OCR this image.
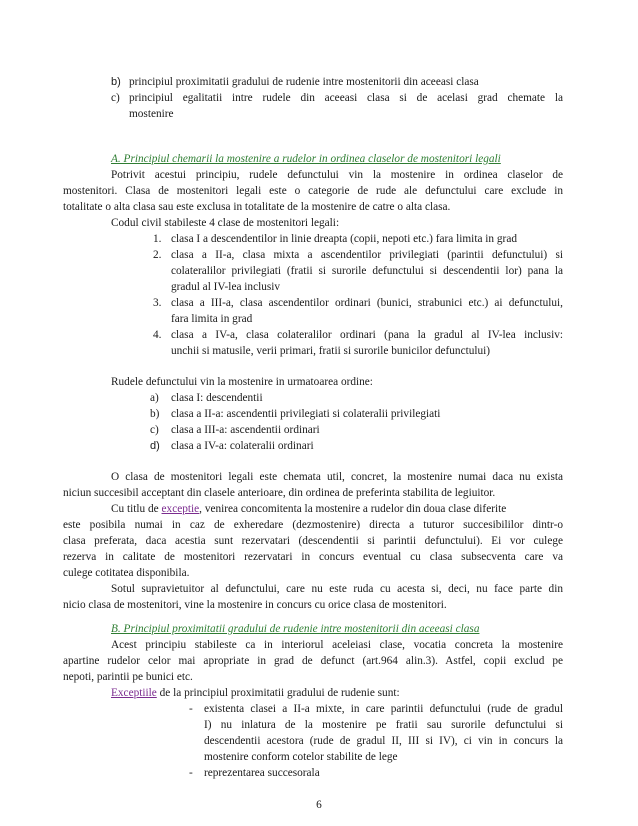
b) principiul proximitatii gradului de rudenie intre mostenitorii din aceeasi clasa
c) principiul egalitatii intre rudele din aceeasi clasa si de acelasi grad chemate la
mostenire
A. Principiul chemarii la mostenire a rudelor in ordinea claselor de mostenitori legali
Potrivit acestui principiu, rudele defunctului vin la mostenire in ordinea claselor de
mostenitori. Clasa de mostenitori legali este o categorie de rude ale defunctului care exclude in
totalitate o alta clasa sau este exclusa in totalitate de la mostenire de catre o alta clasa.
Codul civil stabileste 4 clase de mostenitori legali:
1. clasa I a descendentilor in linie dreapta (copii, nepoti etc.) fara limita in grad
2. clasa a II-a, clasa mixta a ascendentilor privilegiati (parintii defunctului) si
colateralilor privilegiati (fratii si surorile defunctului si descendentii lor) pana la
gradul al IV-lea inclusiv
3. clasa a III-a, clasa ascendentilor ordinari (bunici, strabunici etc.) ai defunctului,
fara limita in grad
4. clasa a IV-a, clasa colateralilor ordinari (pana la gradul al IV-lea inclusiv:
unchii si matusile, verii primari, fratii si surorile bunicilor defunctului)
Rudele defunctului vin la mostenire in urmatoarea ordine:
a) clasa I: descendentii
b) clasa a II-a: ascendentii privilegiati si colateralii privilegiati
c) clasa a III-a: ascendentii ordinari
d) clasa a IV-a: colateralii ordinari
O clasa de mostenitori legali este chemata util, concret, la mostenire numai daca nu exista
niciun succesibil acceptant din clasele anterioare, din ordinea de preferinta stabilita de legiuitor.
Cu titlu de exceptie, venirea concomitenta la mostenire a rudelor din doua clase diferite
este posibila numai in caz de exheredare (dezmostenire) directa a tuturor succesibililor dintr-o
clasa preferata, daca acestia sunt rezervatari (descendentii si parintii defunctului). Ei vor culege
rezerva in calitate de mostenitori rezervatari in concurs eventual cu clasa subsecventa care va
culege cotitatea disponibila.
Sotul supravietuitor al defunctului, care nu este ruda cu acesta si, deci, nu face parte din
nicio clasa de mostenitori, vine la mostenire in concurs cu orice clasa de mostenitori.
B. Principiul proximitatii gradului de rudenie intre mostenitorii din aceeasi clasa
Acest principiu stabileste ca in interiorul aceleiasi clase, vocatia concreta la mostenire
apartine rudelor celor mai apropriate in grad de defunct (art.964 alin.3). Astfel, copii exclud pe
nepoti, parintii pe bunici etc.
Exceptiile de la principiul proximitatii gradului de rudenie sunt:
- existenta clasei a II-a mixte, in care parintii defunctului (rude de gradul
I) nu inlatura de la mostenire pe fratii sau surorile defunctului si
descendentii acestora (rude de gradul II, III si IV), ci vin in concurs la
mostenire conform cotelor stabilite de lege
- reprezentarea succesorala
6
